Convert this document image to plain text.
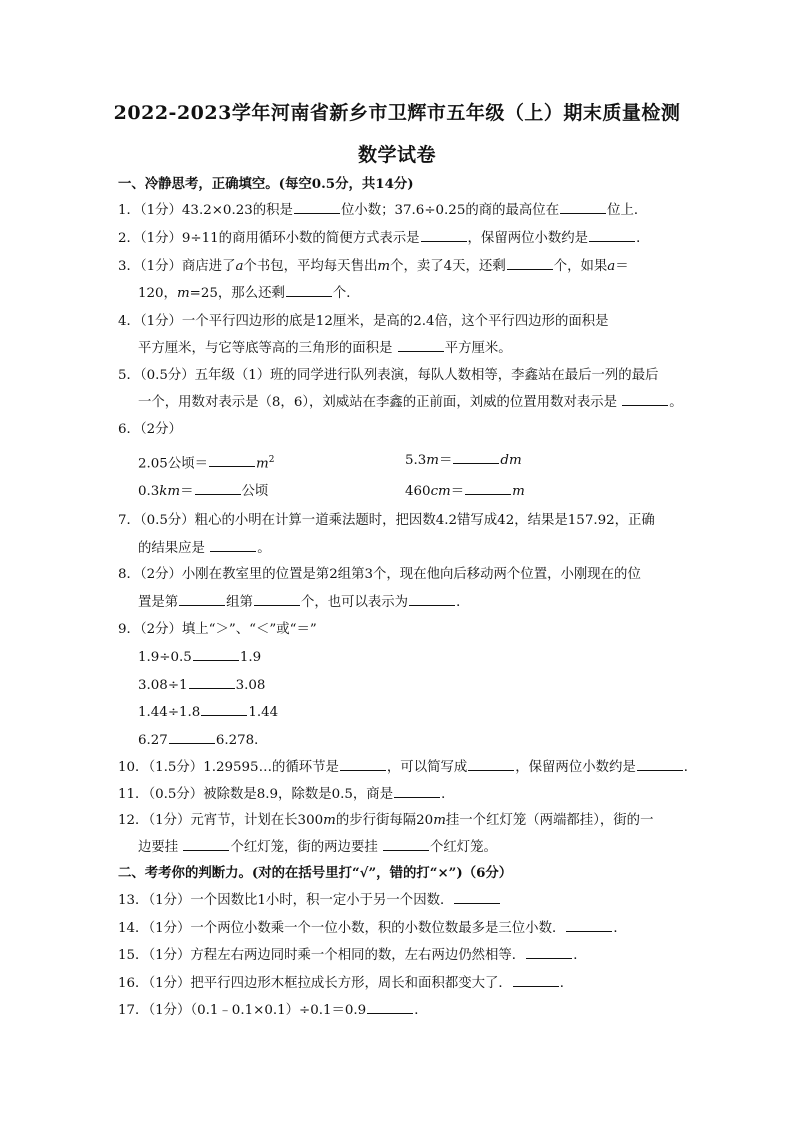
2022-2023学年河南省新乡市卫辉市五年级（上）期末质量检测
数学试卷
一、冷静思考，正确填空。(每空0.5分，共14分)
1．（1分）43.2×0.23的积是	位小数；37.6÷0.25的商的最高位在	位上．
2．（1分）9÷11的商用循环小数的简便方式表示是	，保留两位小数约是	．
3．（1分）商店进了a个书包，平均每天售出m个，卖了4天，还剩	个，如果a＝
120，m=25，那么还剩	个．
4．（1分）一个平行四边形的底是12厘米，是高的2.4倍，这个平行四边形的面积是
平方厘米，与它等底等高的三角形的面积是	平方厘米。
5．（0.5分）五年级（1）班的同学进行队列表演，每队人数相等，李鑫站在最后一列的最后
一个，用数对表示是（8，6），刘威站在李鑫的正前面，刘威的位置用数对表示是	。
6．（2分）
2.05公顷＝	$m^2$	5.3m＝	dm
0.3km＝	公顷	460cm＝	m
7．（0.5分）粗心的小明在计算一道乘法题时，把因数4.2错写成42，结果是157.92，正确
的结果应是	。
8．（2分）小刚在教室里的位置是第2组第3个，现在他向后移动两个位置，小刚现在的位
置是第	组第	个，也可以表示为	．
9．（2分）填上“＞”、“＜”或“＝”
1.9÷0.5	1.9
3.08÷1	3.08
1.44÷1.8	1.44
6.27	6.278．
10．（1.5分）1.29595…的循环节是	，可以简写成	，保留两位小数约是	．
11．（0.5分）被除数是8.9，除数是0.5，商是	．
12．（1分）元宵节，计划在长300m的步行街每隔20m挂一个红灯笼（两端都挂），街的一
边要挂	个红灯笼，街的两边要挂	个红灯笼。
二、考考你的判断力。(对的在括号里打“√”，错的打“×”)（6分）
13．（1分）一个因数比1小时，积一定小于另一个因数．
14．（1分）一个两位小数乘一个一位小数，积的小数位数最多是三位小数．	．
15．（1分）方程左右两边同时乘一个相同的数，左右两边仍然相等．	．
16．（1分）把平行四边形木框拉成长方形，周长和面积都变大了．	．
17．（1分）（0.1﹣0.1×0.1）÷0.1＝0.9	．
